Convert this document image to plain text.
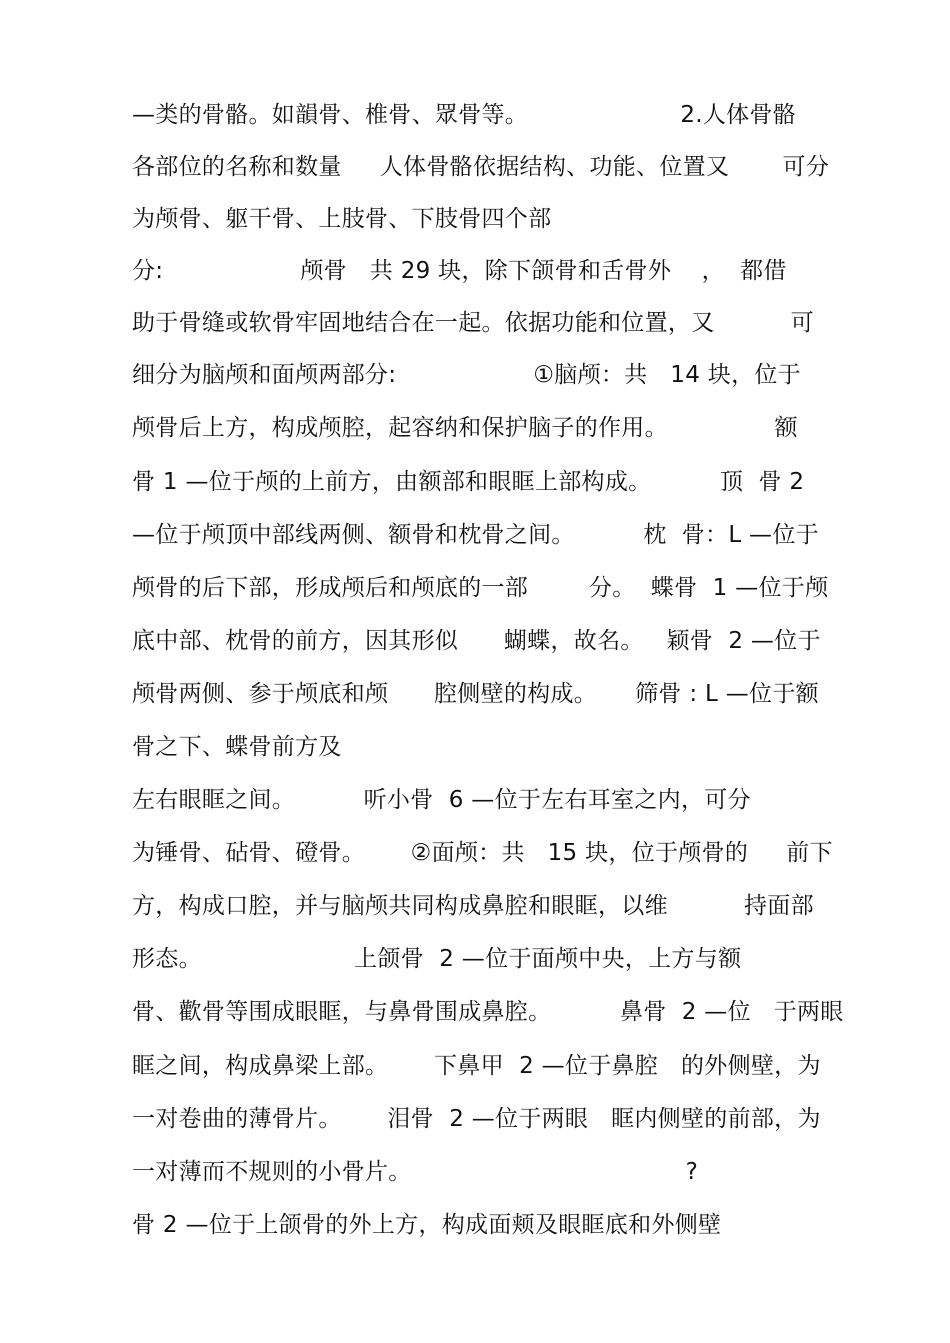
—类的骨骼。如韻骨、椎骨、眾骨等。                    2.人体骨骼
各部位的名称和数量     人体骨骼依据结构、功能、位置又       可分
为颅骨、躯干骨、上肢骨、下肢骨四个部
分:                  颅骨   共 29 块，除下颌骨和舌骨外    ，  都借
助于骨缝或软骨牢固地结合在一起。依据功能和位置，又          可
细分为脑颅和面颅两部分:                  ①脑颅：共   14 块，位于
颅骨后上方，构成颅腔，起容纳和保护脑子的作用。              额
骨 1 —位于颅的上前方，由额部和眼眶上部构成。         顶  骨 2
—位于颅顶中部线两侧、额骨和枕骨之间。         枕  骨：L —位于
颅骨的后下部，形成颅后和颅底的一部        分。  蝶骨  1 —位于颅
底中部、枕骨的前方，因其形似      蝴蝶，故名。   颖骨  2 —位于
颅骨两侧、参于颅底和颅      腔侧壁的构成。     筛骨 : L —位于额
骨之下、蝶骨前方及
左右眼眶之间。         听小骨  6 —位于左右耳室之内，可分
为锤骨、砧骨、磴骨。      ②面颅：共   15 块，位于颅骨的     前下
方，构成口腔，并与脑颅共同构成鼻腔和眼眶，以维          持面部
形态。                    上颌骨  2 —位于面颅中央，上方与额
骨、歡骨等围成眼眶，与鼻骨围成鼻腔。         鼻骨  2 —位   于两眼
眶之间，构成鼻梁上部。      下鼻甲  2 —位于鼻腔   的外侧壁，为
一对卷曲的薄骨片。      泪骨  2 —位于两眼   眶内侧壁的前部，为
一对薄而不规则的小骨片。                                    ?
骨 2 —位于上颌骨的外上方，构成面颊及眼眶底和外侧壁
